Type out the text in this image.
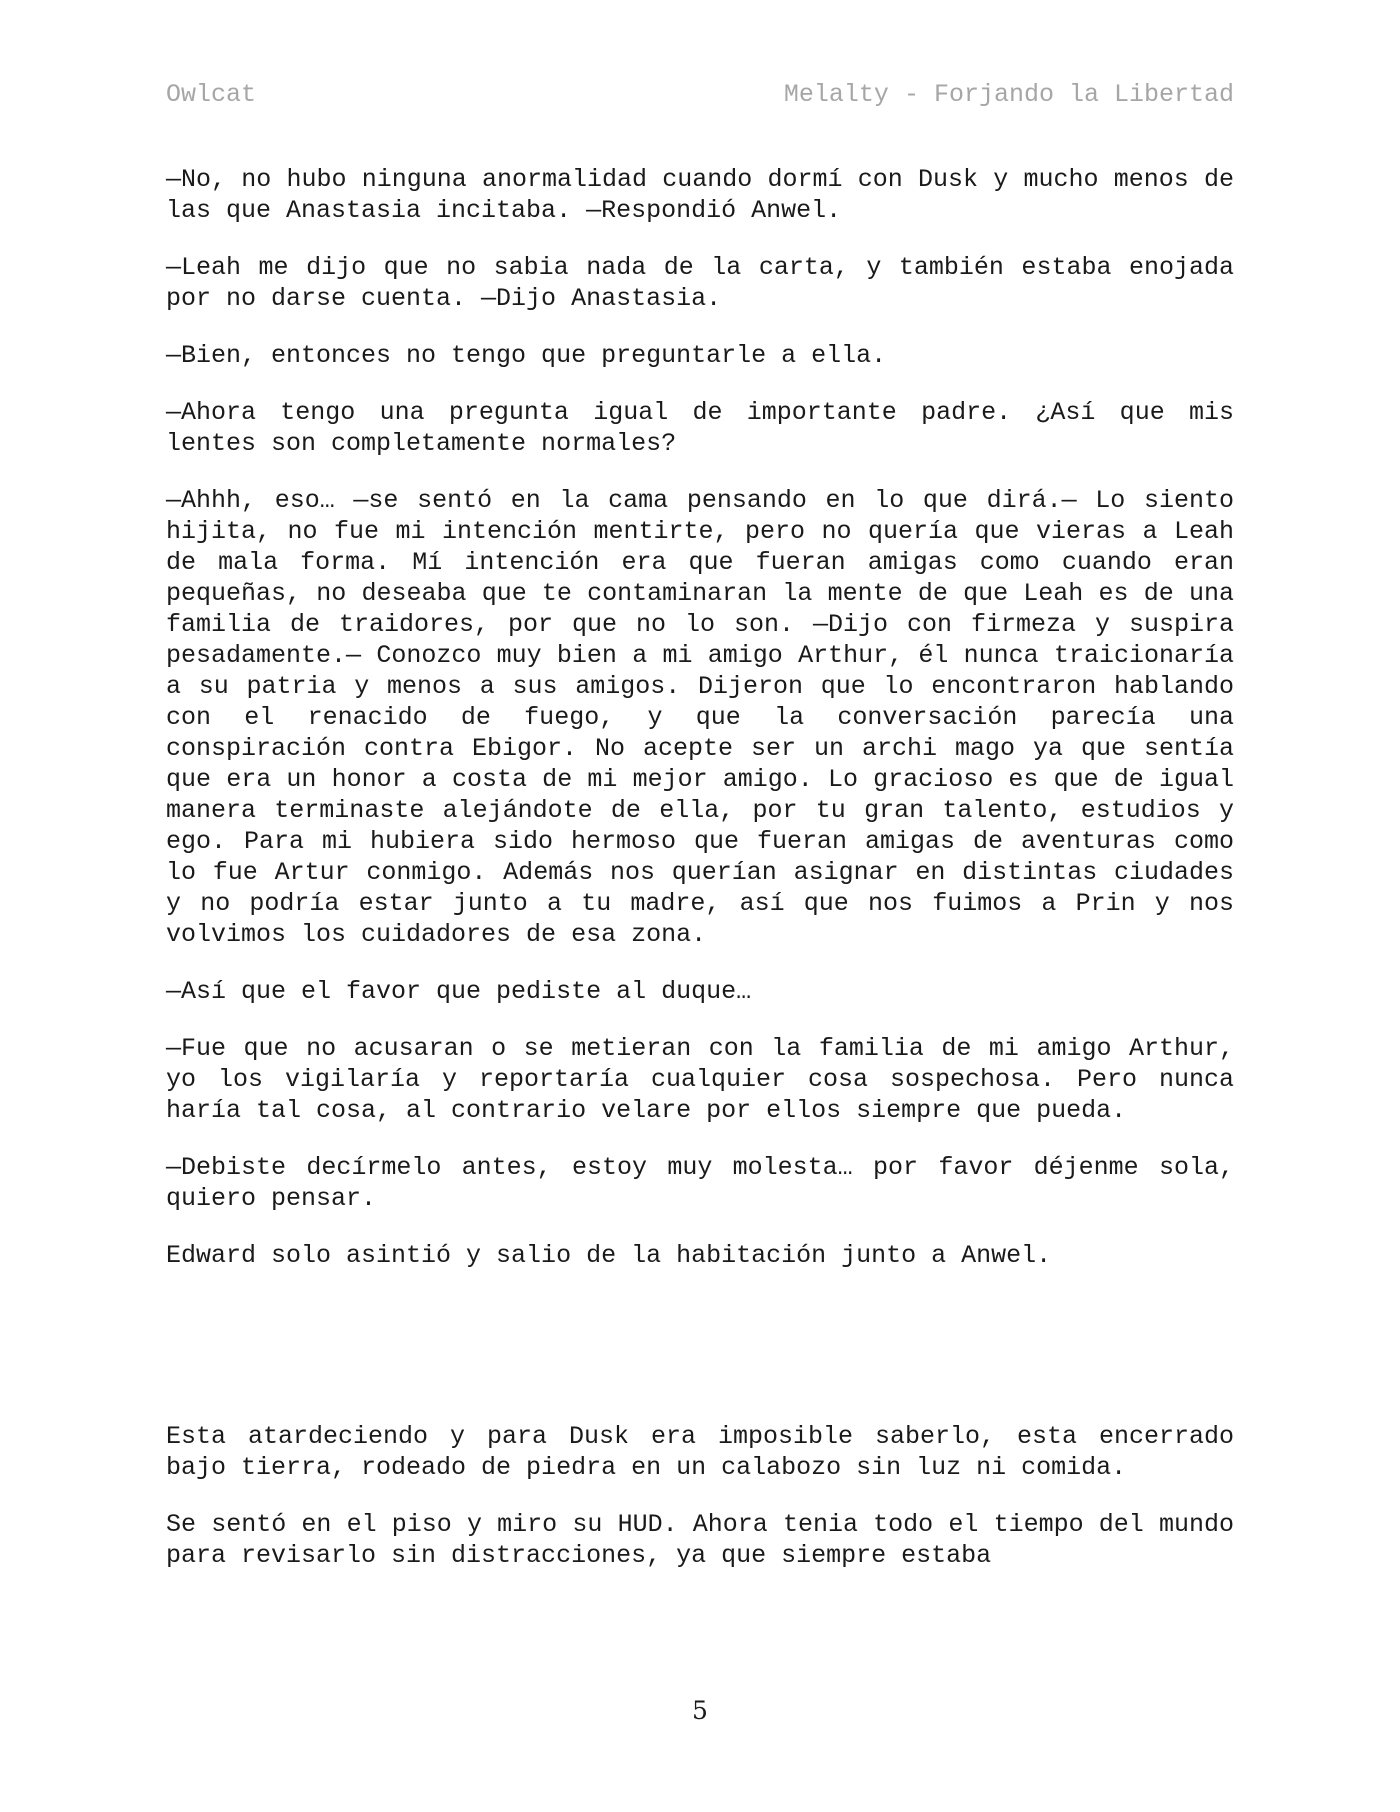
Owlcat	Melalty - Forjando la Libertad

—No, no hubo ninguna anormalidad cuando dormí con Dusk y mucho menos de las que Anastasia incitaba. —Respondió Anwel.

—Leah me dijo que no sabia nada de la carta, y también estaba enojada por no darse cuenta. —Dijo Anastasia.

—Bien, entonces no tengo que preguntarle a ella.

—Ahora tengo una pregunta igual de importante padre. ¿Así que mis lentes son completamente normales?

—Ahhh, eso… —se sentó en la cama pensando en lo que dirá.— Lo siento hijita, no fue mi intención mentirte, pero no quería que vieras a Leah de mala forma. Mí intención era que fueran amigas como cuando eran pequeñas, no deseaba que te contaminaran la mente de que Leah es de una familia de traidores, por que no lo son. —Dijo con firmeza y suspira pesadamente.— Conozco muy bien a mi amigo Arthur, él nunca traicionaría a su patria y menos a sus amigos. Dijeron que lo encontraron hablando con el renacido de fuego, y que la conversación parecía una conspiración contra Ebigor. No acepte ser un archi mago ya que sentía que era un honor a costa de mi mejor amigo. Lo gracioso es que de igual manera terminaste alejándote de ella, por tu gran talento, estudios y ego. Para mi hubiera sido hermoso que fueran amigas de aventuras como lo fue Artur conmigo. Además nos querían asignar en distintas ciudades y no podría estar junto a tu madre, así que nos fuimos a Prin y nos volvimos los cuidadores de esa zona.

—Así que el favor que pediste al duque…

—Fue que no acusaran o se metieran con la familia de mi amigo Arthur, yo los vigilaría y reportaría cualquier cosa sospechosa. Pero nunca haría tal cosa, al contrario velare por ellos siempre que pueda.

—Debiste decírmelo antes, estoy muy molesta… por favor déjenme sola, quiero pensar.

Edward solo asintió y salio de la habitación junto a Anwel.

Esta atardeciendo y para Dusk era imposible saberlo, esta encerrado bajo tierra, rodeado de piedra en un calabozo sin luz ni comida.

Se sentó en el piso y miro su HUD. Ahora tenia todo el tiempo del mundo para revisarlo sin distracciones, ya que siempre estaba

5
